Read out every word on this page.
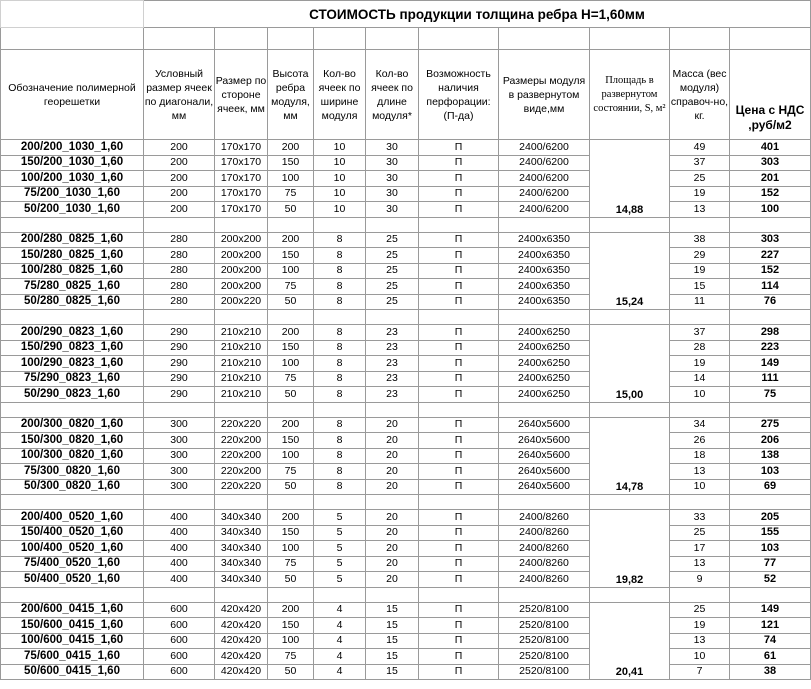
	СТОИМОСТЬ продукции толщина ребра Н=1,60мм									

Обозначение полимерной георешетки	Условный размер ячеек по диагонали, мм	Размер по стороне ячеек, мм	Высота ребра модуля, мм	Кол-во ячеек по ширине модуля	Кол-во ячеек по длине модуля*	Возможность наличия перфорации: (П-да)	Размеры модуля в развернутом виде,мм	Площадь в развернутом состоянии, S, м²	Масса (вес модуля) справоч-но, кг.	Цена с НДС ,руб/м2
200/200_1030_1,60	200	170х170	200	10	30	П	2400/6200	14,88	49	401
150/200_1030_1,60	200	170х170	150	10	30	П	2400/6200		37	303
100/200_1030_1,60	200	170х170	100	10	30	П	2400/6200		25	201
75/200_1030_1,60	200	170х170	75	10	30	П	2400/6200		19	152
50/200_1030_1,60	200	170х170	50	10	30	П	2400/6200		13	100

200/280_0825_1,60	280	200х200	200	8	25	П	2400х6350	15,24	38	303
150/280_0825_1,60	280	200х200	150	8	25	П	2400х6350		29	227
100/280_0825_1,60	280	200х200	100	8	25	П	2400х6350		19	152
75/280_0825_1,60	280	200х200	75	8	25	П	2400х6350		15	114
50/280_0825_1,60	280	200х220	50	8	25	П	2400х6350		11	76

200/290_0823_1,60	290	210х210	200	8	23	П	2400х6250	15,00	37	298
150/290_0823_1,60	290	210х210	150	8	23	П	2400х6250		28	223
100/290_0823_1,60	290	210х210	100	8	23	П	2400х6250		19	149
75/290_0823_1,60	290	210х210	75	8	23	П	2400х6250		14	111
50/290_0823_1,60	290	210х210	50	8	23	П	2400х6250		10	75

200/300_0820_1,60	300	220х220	200	8	20	П	2640х5600	14,78	34	275
150/300_0820_1,60	300	220х200	150	8	20	П	2640х5600		26	206
100/300_0820_1,60	300	220х200	100	8	20	П	2640х5600		18	138
75/300_0820_1,60	300	220х200	75	8	20	П	2640х5600		13	103
50/300_0820_1,60	300	220х220	50	8	20	П	2640х5600		10	69

200/400_0520_1,60	400	340х340	200	5	20	П	2400/8260	19,82	33	205
150/400_0520_1,60	400	340х340	150	5	20	П	2400/8260		25	155
100/400_0520_1,60	400	340х340	100	5	20	П	2400/8260		17	103
75/400_0520_1,60	400	340х340	75	5	20	П	2400/8260		13	77
50/400_0520_1,60	400	340х340	50	5	20	П	2400/8260		9	52

200/600_0415_1,60	600	420х420	200	4	15	П	2520/8100	20,41	25	149
150/600_0415_1,60	600	420х420	150	4	15	П	2520/8100		19	121
100/600_0415_1,60	600	420х420	100	4	15	П	2520/8100		13	74
75/600_0415_1,60	600	420х420	75	4	15	П	2520/8100		10	61
50/600_0415_1,60	600	420х420	50	4	15	П	2520/8100		7	38
